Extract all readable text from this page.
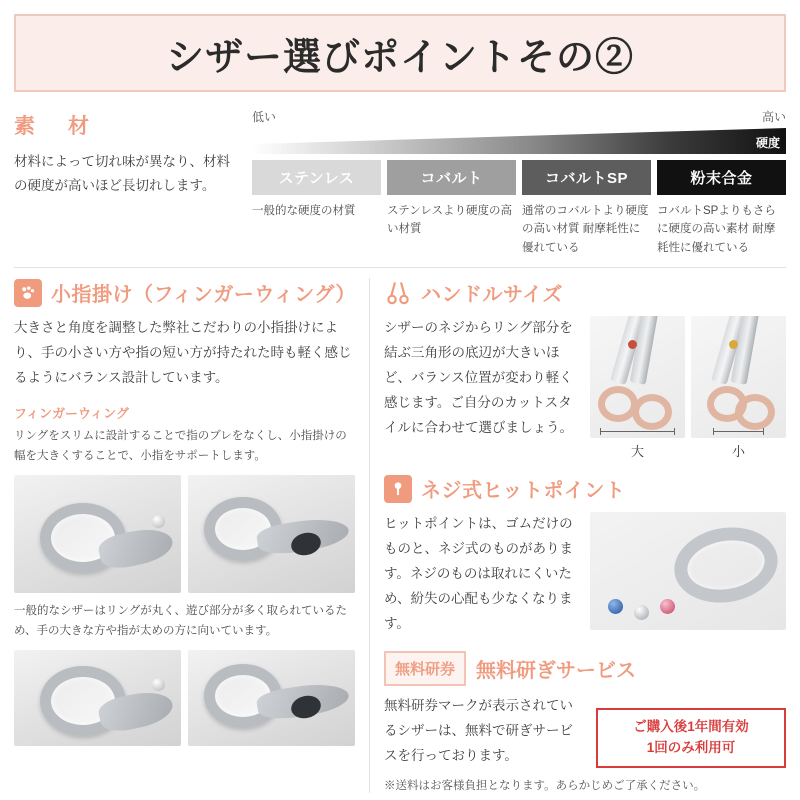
シザー選びポイントその②
素　材
材料によって切れ味が異なり、材料の硬度が高いほど長切れします。
低い	高い
硬度
ステンレス
一般的な硬度の材質
コバルト
ステンレスより硬度の高い材質
コバルトSP
通常のコバルトより硬度の高い材質 耐摩耗性に優れている
粉末合金
コバルトSPよりもさらに硬度の高い素材 耐摩耗性に優れている
小指掛け（フィンガーウィング）
大きさと角度を調整した弊社こだわりの小指掛けにより、手の小さい方や指の短い方が持たれた時も軽く感じるようにバランス設計しています。
フィンガーウィング
リングをスリムに設計することで指のブレをなくし、小指掛けの幅を大きくすることで、小指をサポートします。
一般的なシザーはリングが丸く、遊び部分が多く取られているため、手の大きな方や指が太めの方に向いています。
ハンドルサイズ
シザーのネジからリング部分を結ぶ三角形の底辺が大きいほど、バランス位置が変わり軽く感じます。ご自分のカットスタイルに合わせて選びましょう。
大	小
ネジ式ヒットポイント
ヒットポイントは、ゴムだけのものと、ネジ式のものがあります。ネジのものは取れにくいため、紛失の心配も少なくなります。
無料研券	無料研ぎサービス
無料研券マークが表示されているシザーは、無料で研ぎサービスを行っております。
ご購入後1年間有効
1回のみ利用可
※送料はお客様負担となります。あらかじめご了承ください。
